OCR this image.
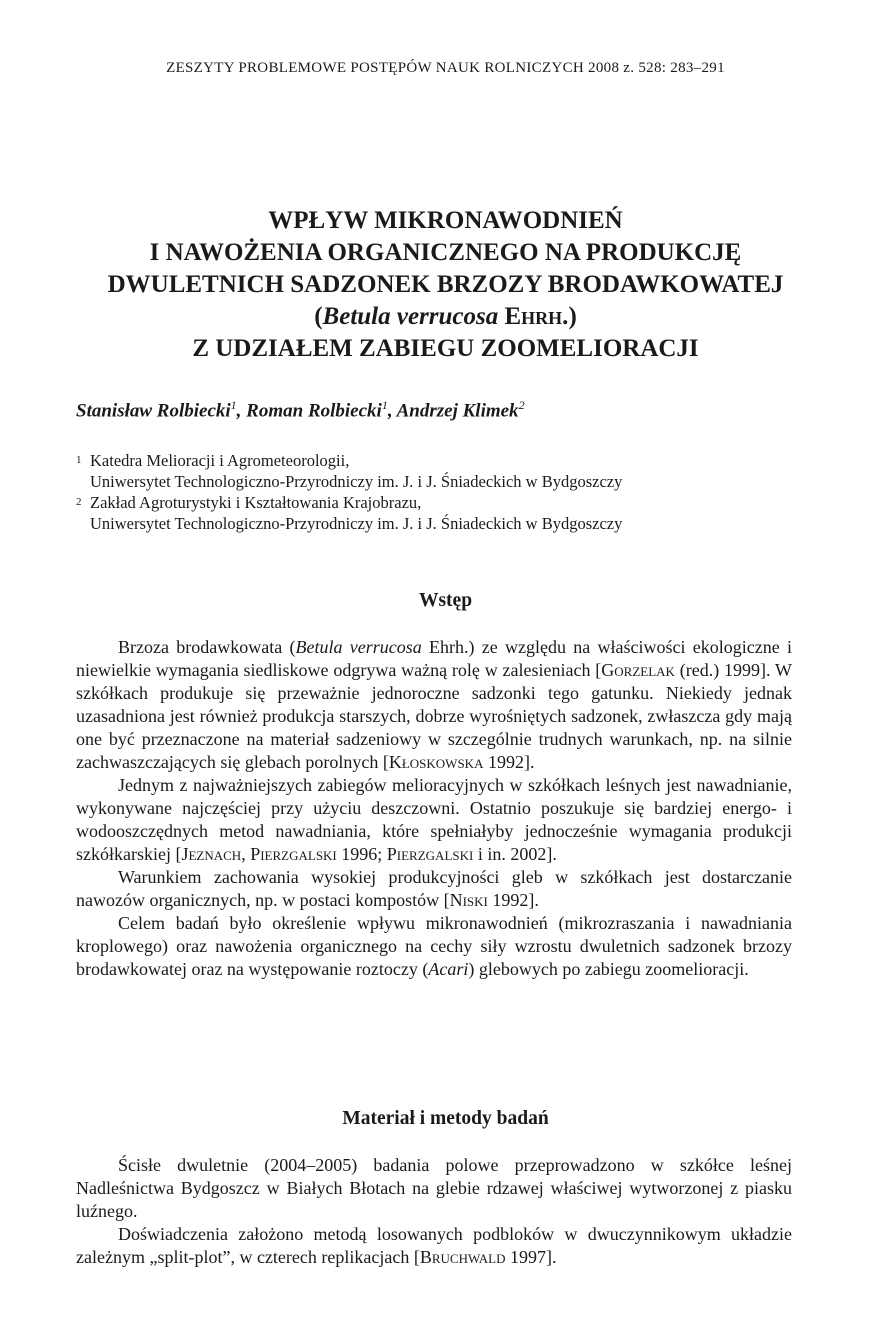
ZESZYTY PROBLEMOWE POSTĘPÓW NAUK ROLNICZYCH 2008 z. 528: 283–291
WPŁYW MIKRONAWODNIEŃ
I NAWOŻENIA ORGANICZNEGO NA PRODUKCJĘ
DWULETNICH SADZONEK BRZOZY BRODAWKOWATEJ
(Betula verrucosa Ehrh.)
Z UDZIAŁEM ZABIEGU ZOOMELIORACJI
Stanisław Rolbiecki$^1$, Roman Rolbiecki$^1$, Andrzej Klimek$^2$
1 Katedra Melioracji i Agrometeorologii,
Uniwersytet Technologiczno-Przyrodniczy im. J. i J. Śniadeckich w Bydgoszczy
2 Zakład Agroturystyki i Kształtowania Krajobrazu,
Uniwersytet Technologiczno-Przyrodniczy im. J. i J. Śniadeckich w Bydgoszczy
Wstęp

Brzoza brodawkowata (Betula verrucosa Ehrh.) ze względu na właściwości ekologiczne i niewielkie wymagania siedliskowe odgrywa ważną rolę w zalesieniach [Gorzelak (red.) 1999]. W szkółkach produkuje się przeważnie jednoroczne sadzonki tego gatunku. Niekiedy jednak uzasadniona jest również produkcja starszych, dobrze wyrośniętych sadzonek, zwłaszcza gdy mają one być przeznaczone na materiał sadzeniowy w szczególnie trudnych warunkach, np. na silnie zachwaszczających się glebach porolnych [Kłoskowska 1992].

Jednym z najważniejszych zabiegów melioracyjnych w szkółkach leśnych jest nawadnianie, wykonywane najczęściej przy użyciu deszczowni. Ostatnio poszukuje się bardziej energo- i wodooszczędnych metod nawadniania, które spełniałyby jednocześnie wymagania produkcji szkółkarskiej [Jeznach, Pierzgalski 1996; Pierzgalski i in. 2002].

Warunkiem zachowania wysokiej produkcyjności gleb w szkółkach jest dostarczanie nawozów organicznych, np. w postaci kompostów [Niski 1992].

Celem badań było określenie wpływu mikronawodnień (mikrozraszania i nawadniania kroplowego) oraz nawożenia organicznego na cechy siły wzrostu dwuletnich sadzonek brzozy brodawkowatej oraz na występowanie roztoczy (Acari) glebowych po zabiegu zoomelioracji.

Materiał i metody badań

Ścisłe dwuletnie (2004–2005) badania polowe przeprowadzono w szkółce leśnej Nadleśnictwa Bydgoszcz w Białych Błotach na glebie rdzawej właściwej wytworzonej z piasku luźnego.

Doświadczenia założono metodą losowanych podbloków w dwuczynnikowym układzie zależnym „split-plot”, w czterech replikacjach [Bruchwald 1997].
